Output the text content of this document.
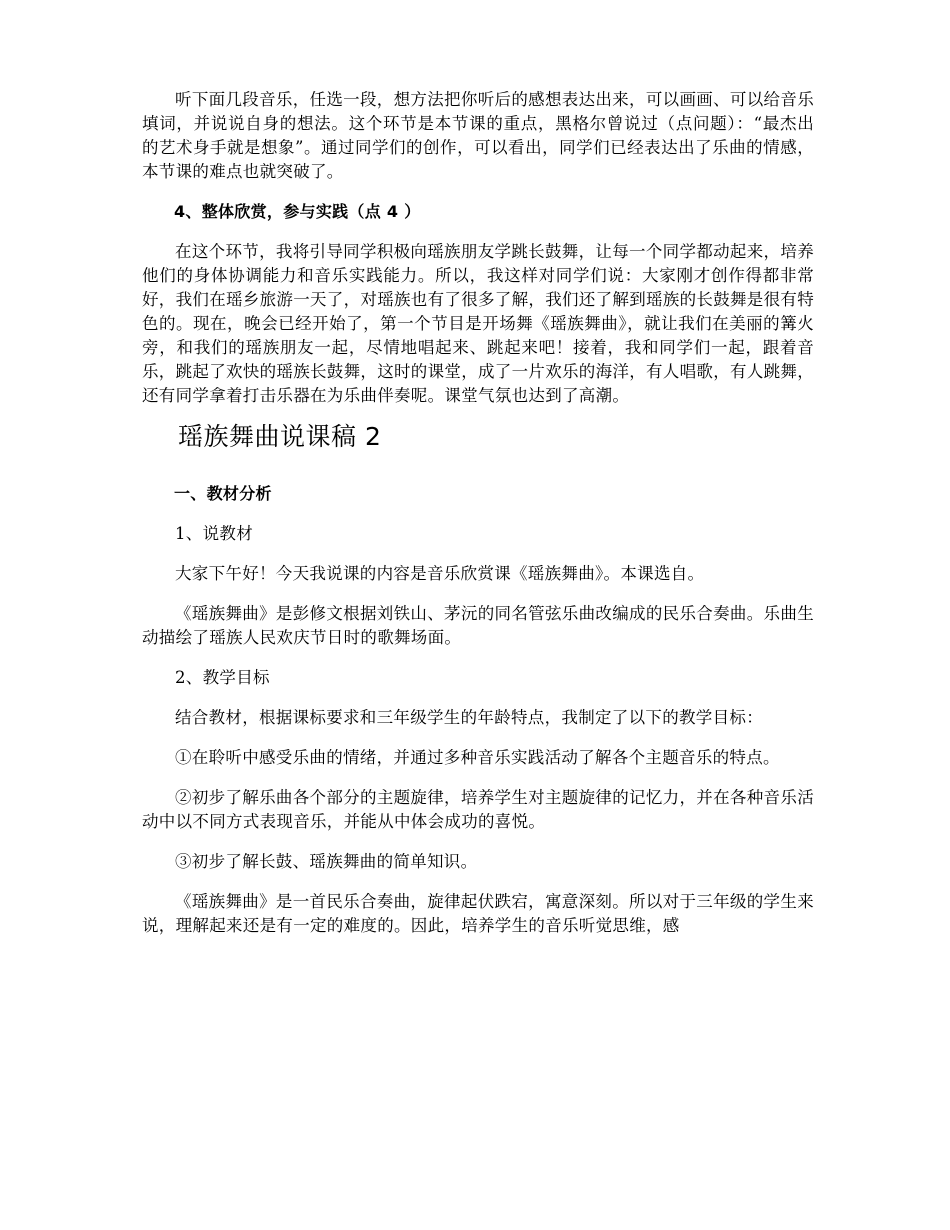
听下面几段音乐，任选一段，想方法把你听后的感想表达出来，可以画画、可以给音乐填词，并说说自身的想法。这个环节是本节课的重点，黑格尔曾说过（点问题）：“最杰出的艺术身手就是想象”。通过同学们的创作，可以看出，同学们已经表达出了乐曲的情感，本节课的难点也就突破了。

4、整体欣赏，参与实践（点 4 ）

在这个环节，我将引导同学积极向瑶族朋友学跳长鼓舞，让每一个同学都动起来，培养他们的身体协调能力和音乐实践能力。所以，我这样对同学们说：大家刚才创作得都非常好，我们在瑶乡旅游一天了，对瑶族也有了很多了解，我们还了解到瑶族的长鼓舞是很有特色的。现在，晚会已经开始了，第一个节目是开场舞《瑶族舞曲》，就让我们在美丽的篝火旁，和我们的瑶族朋友一起，尽情地唱起来、跳起来吧！接着，我和同学们一起，跟着音乐，跳起了欢快的瑶族长鼓舞，这时的课堂，成了一片欢乐的海洋，有人唱歌，有人跳舞，还有同学拿着打击乐器在为乐曲伴奏呢。课堂气氛也达到了高潮。

瑶族舞曲说课稿 2

一、教材分析

1、说教材

大家下午好！今天我说课的内容是音乐欣赏课《瑶族舞曲》。本课选自。

《瑶族舞曲》是彭修文根据刘铁山、茅沅的同名管弦乐曲改编成的民乐合奏曲。乐曲生动描绘了瑶族人民欢庆节日时的歌舞场面。

2、教学目标

结合教材，根据课标要求和三年级学生的年龄特点，我制定了以下的教学目标：

①在聆听中感受乐曲的情绪，并通过多种音乐实践活动了解各个主题音乐的特点。

②初步了解乐曲各个部分的主题旋律，培养学生对主题旋律的记忆力，并在各种音乐活动中以不同方式表现音乐，并能从中体会成功的喜悦。

③初步了解长鼓、瑶族舞曲的简单知识。

《瑶族舞曲》是一首民乐合奏曲，旋律起伏跌宕，寓意深刻。所以对于三年级的学生来说，理解起来还是有一定的难度的。因此，培养学生的音乐听觉思维，感
